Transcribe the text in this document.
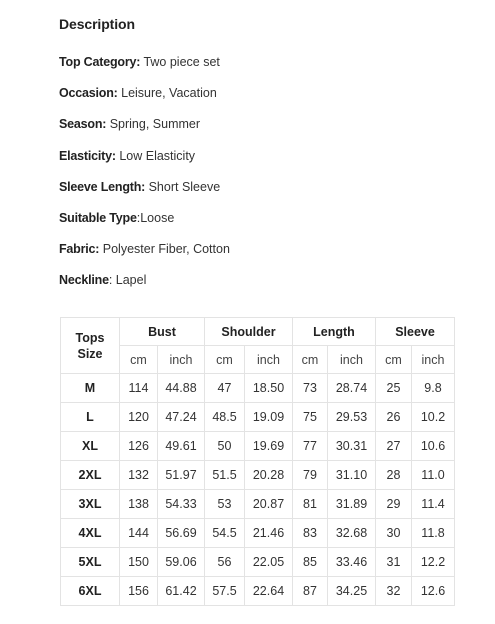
Description
Top Category: Two piece set
Occasion: Leisure, Vacation
Season: Spring, Summer
Elasticity: Low Elasticity
Sleeve Length: Short Sleeve
Suitable Type:Loose
Fabric: Polyester Fiber, Cotton
Neckline: Lapel
Tops
Size	Bust		Shoulder		Length		Sleeve	
	cm	inch	cm	inch	cm	inch	cm	inch
M	114	44.88	47	18.50	73	28.74	25	9.8
L	120	47.24	48.5	19.09	75	29.53	26	10.2
XL	126	49.61	50	19.69	77	30.31	27	10.6
2XL	132	51.97	51.5	20.28	79	31.10	28	11.0
3XL	138	54.33	53	20.87	81	31.89	29	11.4
4XL	144	56.69	54.5	21.46	83	32.68	30	11.8
5XL	150	59.06	56	22.05	85	33.46	31	12.2
6XL	156	61.42	57.5	22.64	87	34.25	32	12.6
